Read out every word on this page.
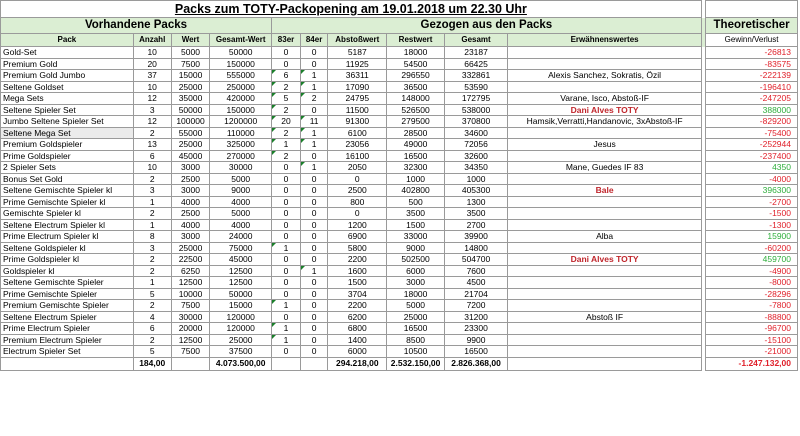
Packs zum TOTY-Packopening am 19.01.2018 um 22.30 Uhr											
Vorhandene Packs				Gezogen aus den Packs							Theoretischer
Pack	Anzahl	Wert	Gesamt-Wert	83er	84er	Abstoßwert	Restwert	Gesamt	Erwähnenswertes		Gewinn/Verlust
Gold-Set	10	5000	50000	0	0	5187	18000	23187			-26813
Premium Gold	20	7500	150000	0	0	11925	54500	66425			-83575
Premium Gold Jumbo	37	15000	555000	6	1	36311	296550	332861	Alexis Sanchez, Sokratis, Özil		-222139
Seltene Goldset	10	25000	250000	2	1	17090	36500	53590			-196410
Mega Sets	12	35000	420000	5	2	24795	148000	172795	Varane, Isco, Abstoß-IF		-247205
Seltene Spieler Set	3	50000	150000	2	0	11500	526500	538000	Dani Alves TOTY		388000
Jumbo Seltene Spieler Set	12	100000	1200000	20	11	91300	279500	370800	Hamsik,Verratti,Handanovic, 3xAbstoß-IF		-829200
Seltene Mega Set	2	55000	110000	2	1	6100	28500	34600			-75400
Premium Goldspieler	13	25000	325000	1	1	23056	49000	72056	Jesus		-252944
Prime Goldspieler	6	45000	270000	2	0	16100	16500	32600			-237400
2 Spieler Sets	10	3000	30000	0	1	2050	32300	34350	Mane, Guedes IF 83		4350
Bonus Set Gold	2	2500	5000	0	0	0	1000	1000			-4000
Seltene Gemischte Spieler kl	3	3000	9000	0	0	2500	402800	405300	Bale		396300
Prime Gemischte Spieler kl	1	4000	4000	0	0	800	500	1300			-2700
Gemischte Spieler kl	2	2500	5000	0	0	0	3500	3500			-1500
Seltene Electrum Spieler kl	1	4000	4000	0	0	1200	1500	2700			-1300
Prime Electrum Spieler kl	8	3000	24000	0	0	6900	33000	39900	Alba		15900
Seltene Goldspieler kl	3	25000	75000	1	0	5800	9000	14800			-60200
Prime Goldspieler kl	2	22500	45000	0	0	2200	502500	504700	Dani Alves TOTY		459700
Goldspieler kl	2	6250	12500	0	1	1600	6000	7600			-4900
Seltene Gemischte Spieler	1	12500	12500	0	0	1500	3000	4500			-8000
Prime Gemischte Spieler	5	10000	50000	0	0	3704	18000	21704			-28296
Premium Gemischte Spieler	2	7500	15000	1	0	2200	5000	7200			-7800
Seltene Electrum Spieler	4	30000	120000	0	0	6200	25000	31200	Abstoß IF		-88800
Prime Electrum Spieler	6	20000	120000	1	0	6800	16500	23300			-96700
Premium Electrum Spieler	2	12500	25000	1	0	1400	8500	9900			-15100
Electrum Spieler Set	5	7500	37500	0	0	6000	10500	16500			-21000
	184,00		4.073.500,00			294.218,00	2.532.150,00	2.826.368,00			-1.247.132,00
